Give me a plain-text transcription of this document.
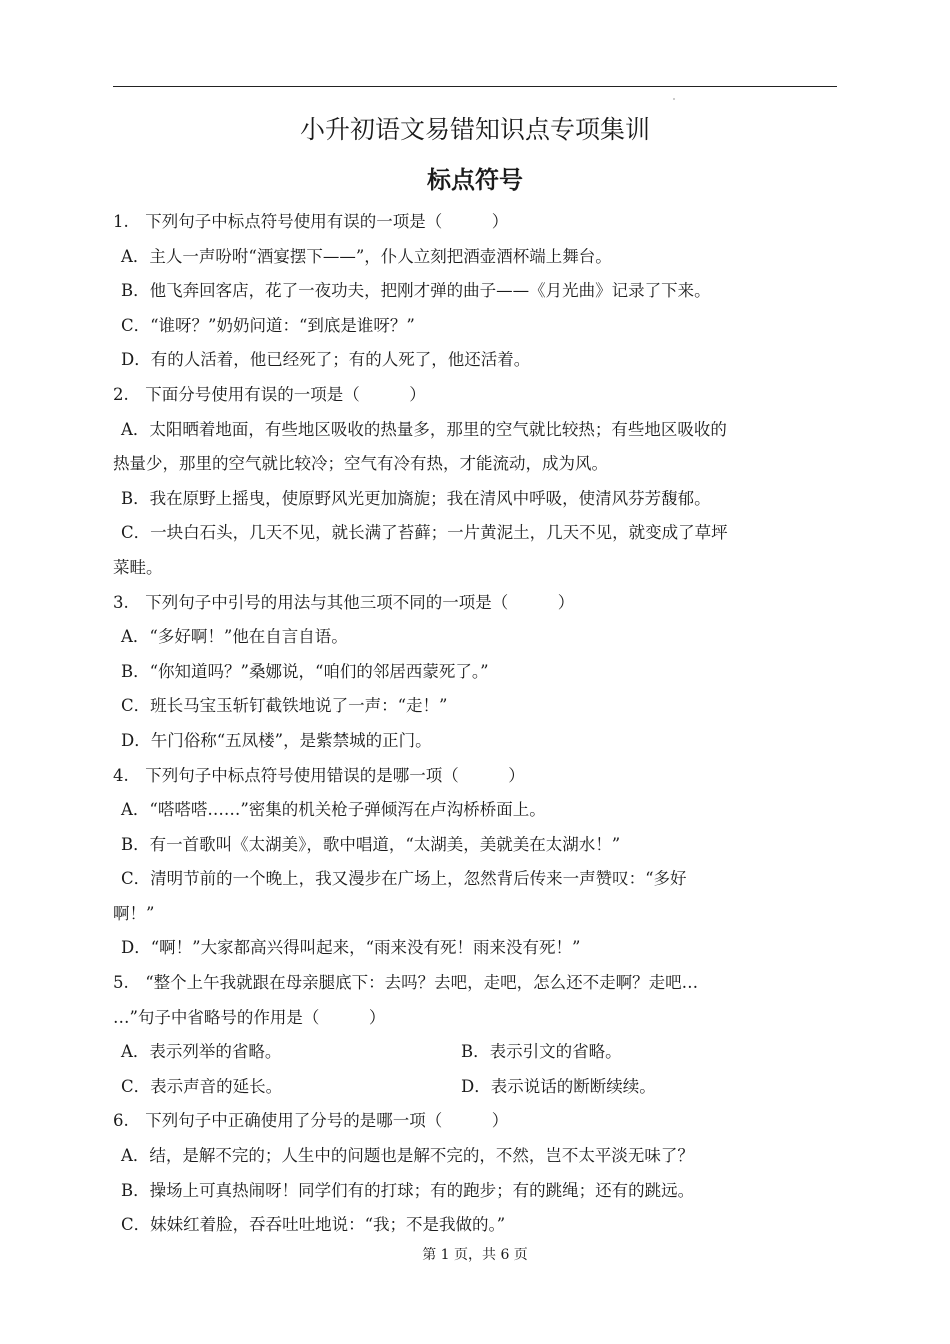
小升初语文易错知识点专项集训
标点符号
1.　下列句子中标点符号使用有误的一项是（　　　）
A．主人一声吩咐“酒宴摆下——”，仆人立刻把酒壶酒杯端上舞台。
B．他飞奔回客店，花了一夜功夫，把刚才弹的曲子——《月光曲》记录了下来。
C．“谁呀？”奶奶问道：“到底是谁呀？”
D．有的人活着，他已经死了；有的人死了，他还活着。
2.　下面分号使用有误的一项是（　　　）
A．太阳晒着地面，有些地区吸收的热量多，那里的空气就比较热；有些地区吸收的
热量少，那里的空气就比较冷；空气有冷有热，才能流动，成为风。
B．我在原野上摇曳，使原野风光更加旖旎；我在清风中呼吸，使清风芬芳馥郁。
C．一块白石头，几天不见，就长满了苔藓；一片黄泥土，几天不见，就变成了草坪
菜畦。
3.　下列句子中引号的用法与其他三项不同的一项是（　　　）
A．“多好啊！”他在自言自语。
B．“你知道吗？”桑娜说，“咱们的邻居西蒙死了。”
C．班长马宝玉斩钉截铁地说了一声：“走！”
D．午门俗称“五凤楼”，是紫禁城的正门。
4.　下列句子中标点符号使用错误的是哪一项（　　　）
A．“嗒嗒嗒……”密集的机关枪子弹倾泻在卢沟桥桥面上。
B．有一首歌叫《太湖美》，歌中唱道，“太湖美，美就美在太湖水！”
C．清明节前的一个晚上，我又漫步在广场上，忽然背后传来一声赞叹：“多好
啊！”
D．“啊！”大家都高兴得叫起来，“雨来没有死！雨来没有死！”
5.　“整个上午我就跟在母亲腿底下：去吗？去吧，走吧，怎么还不走啊？走吧…
…”句子中省略号的作用是（　　　）
A．表示列举的省略。	B．表示引文的省略。
C．表示声音的延长。	D．表示说话的断断续续。
6.　下列句子中正确使用了分号的是哪一项（　　　）
A．结，是解不完的；人生中的问题也是解不完的，不然，岂不太平淡无味了？
B．操场上可真热闹呀！同学们有的打球；有的跑步；有的跳绳；还有的跳远。
C．妹妹红着脸，吞吞吐吐地说：“我；不是我做的。”
第 1 页，共 6 页
